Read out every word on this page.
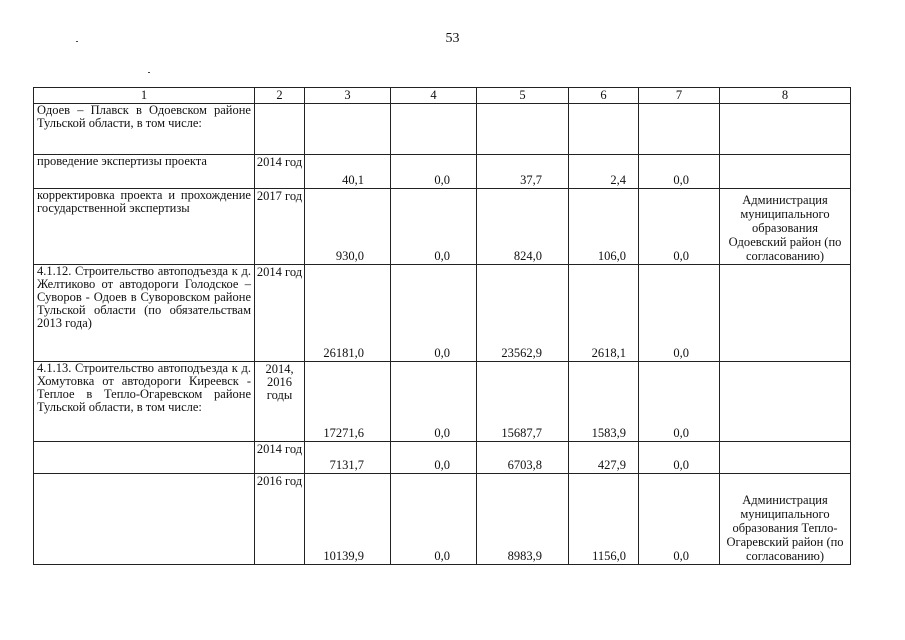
53
1	2	3	4	5	6	7	8
Одоев – Плавск в Одоевском районе Тульской области, в том числе:							
проведение экспертизы проекта	2014 год	40,1	0,0	37,7	2,4	0,0	
корректировка проекта и прохождение государственной экспертизы	2017 год	930,0	0,0	824,0	106,0	0,0	Администрация муниципального образования Одоевский район (по согласованию)
4.1.12. Строительство автоподъезда к д. Желтиково от автодороги Голодское – Суворов - Одоев в Суворовском районе Тульской области (по обязательствам 2013 года)	2014 год	26181,0	0,0	23562,9	2618,1	0,0	
4.1.13. Строительство автоподъезда к д. Хомутовка от автодороги Киреевск - Теплое в Тепло-Огаревском районе Тульской области, в том числе:	2014, 2016 годы	17271,6	0,0	15687,7	1583,9	0,0	
	2014 год	7131,7	0,0	6703,8	427,9	0,0	
	2016 год	10139,9	0,0	8983,9	1156,0	0,0	Администрация муниципального образования Тепло-Огаревский район (по согласованию)
